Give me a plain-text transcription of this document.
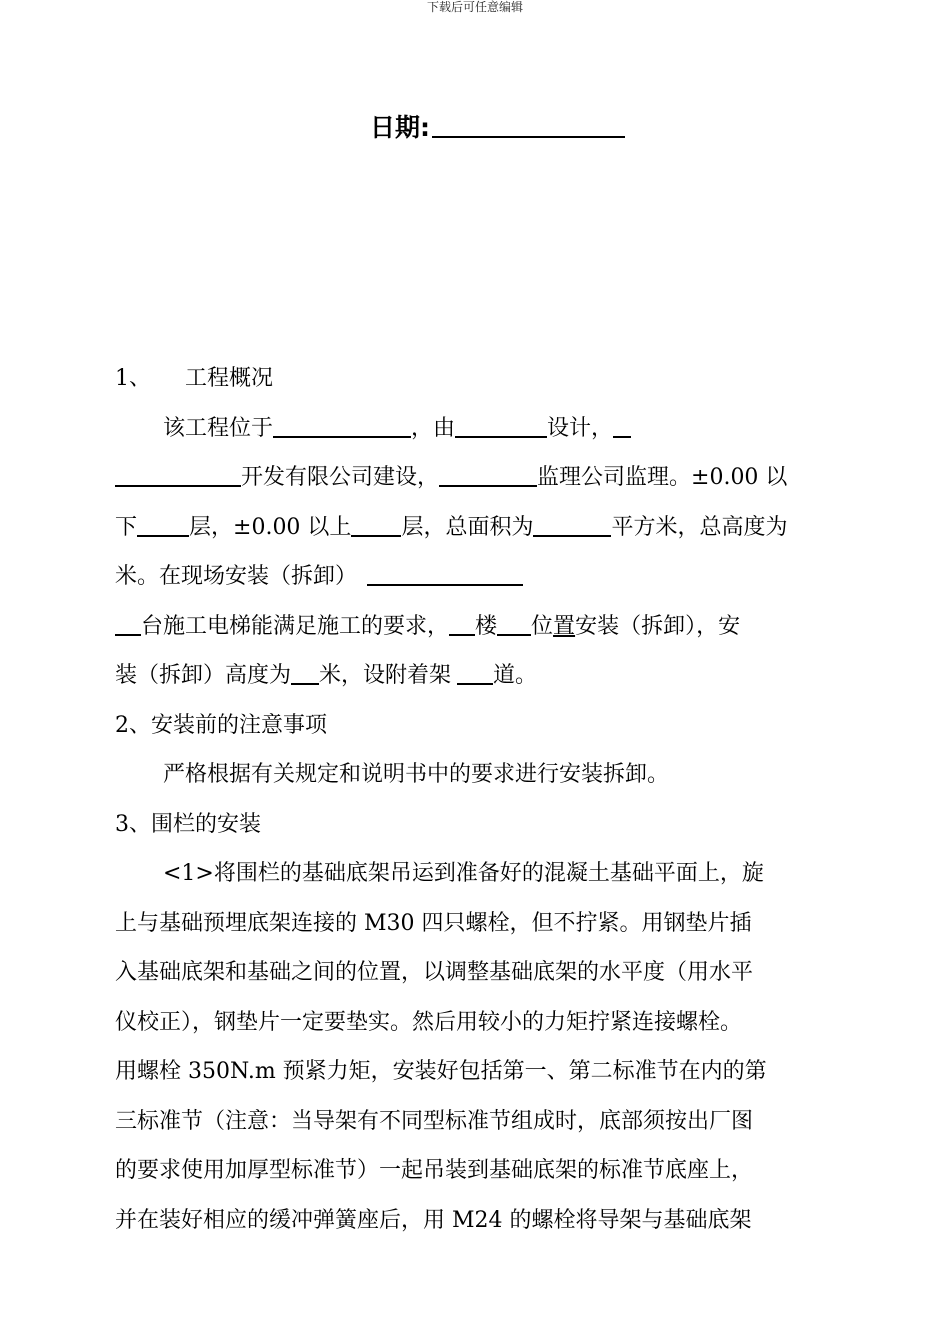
下载后可任意编辑
日期:
1、 工程概况
该工程位于	，由	设计，
开发有限公司建设，	监理公司监理。±0.00 以
下 层，±0.00 以上 层，总面积为	平方米，总高度为
米。在现场安装（拆卸）
台施工电梯能满足施工的要求， 楼 位置安装（拆卸），安
装（拆卸）高度为 米，设附着架 道。
2、安装前的注意事项
严格根据有关规定和说明书中的要求进行安装拆卸。
3、围栏的安装
<1>将围栏的基础底架吊运到准备好的混凝土基础平面上，旋
上与基础预埋底架连接的 M30 四只螺栓，但不拧紧。用钢垫片插
入基础底架和基础之间的位置，以调整基础底架的水平度（用水平
仪校正），钢垫片一定要垫实。然后用较小的力矩拧紧连接螺栓。
用螺栓 350N.m 预紧力矩，安装好包括第一、第二标准节在内的第
三标准节（注意：当导架有不同型标准节组成时，底部须按出厂图
的要求使用加厚型标准节）一起吊装到基础底架的标准节底座上，
并在装好相应的缓冲弹簧座后，用 M24 的螺栓将导架与基础底架
